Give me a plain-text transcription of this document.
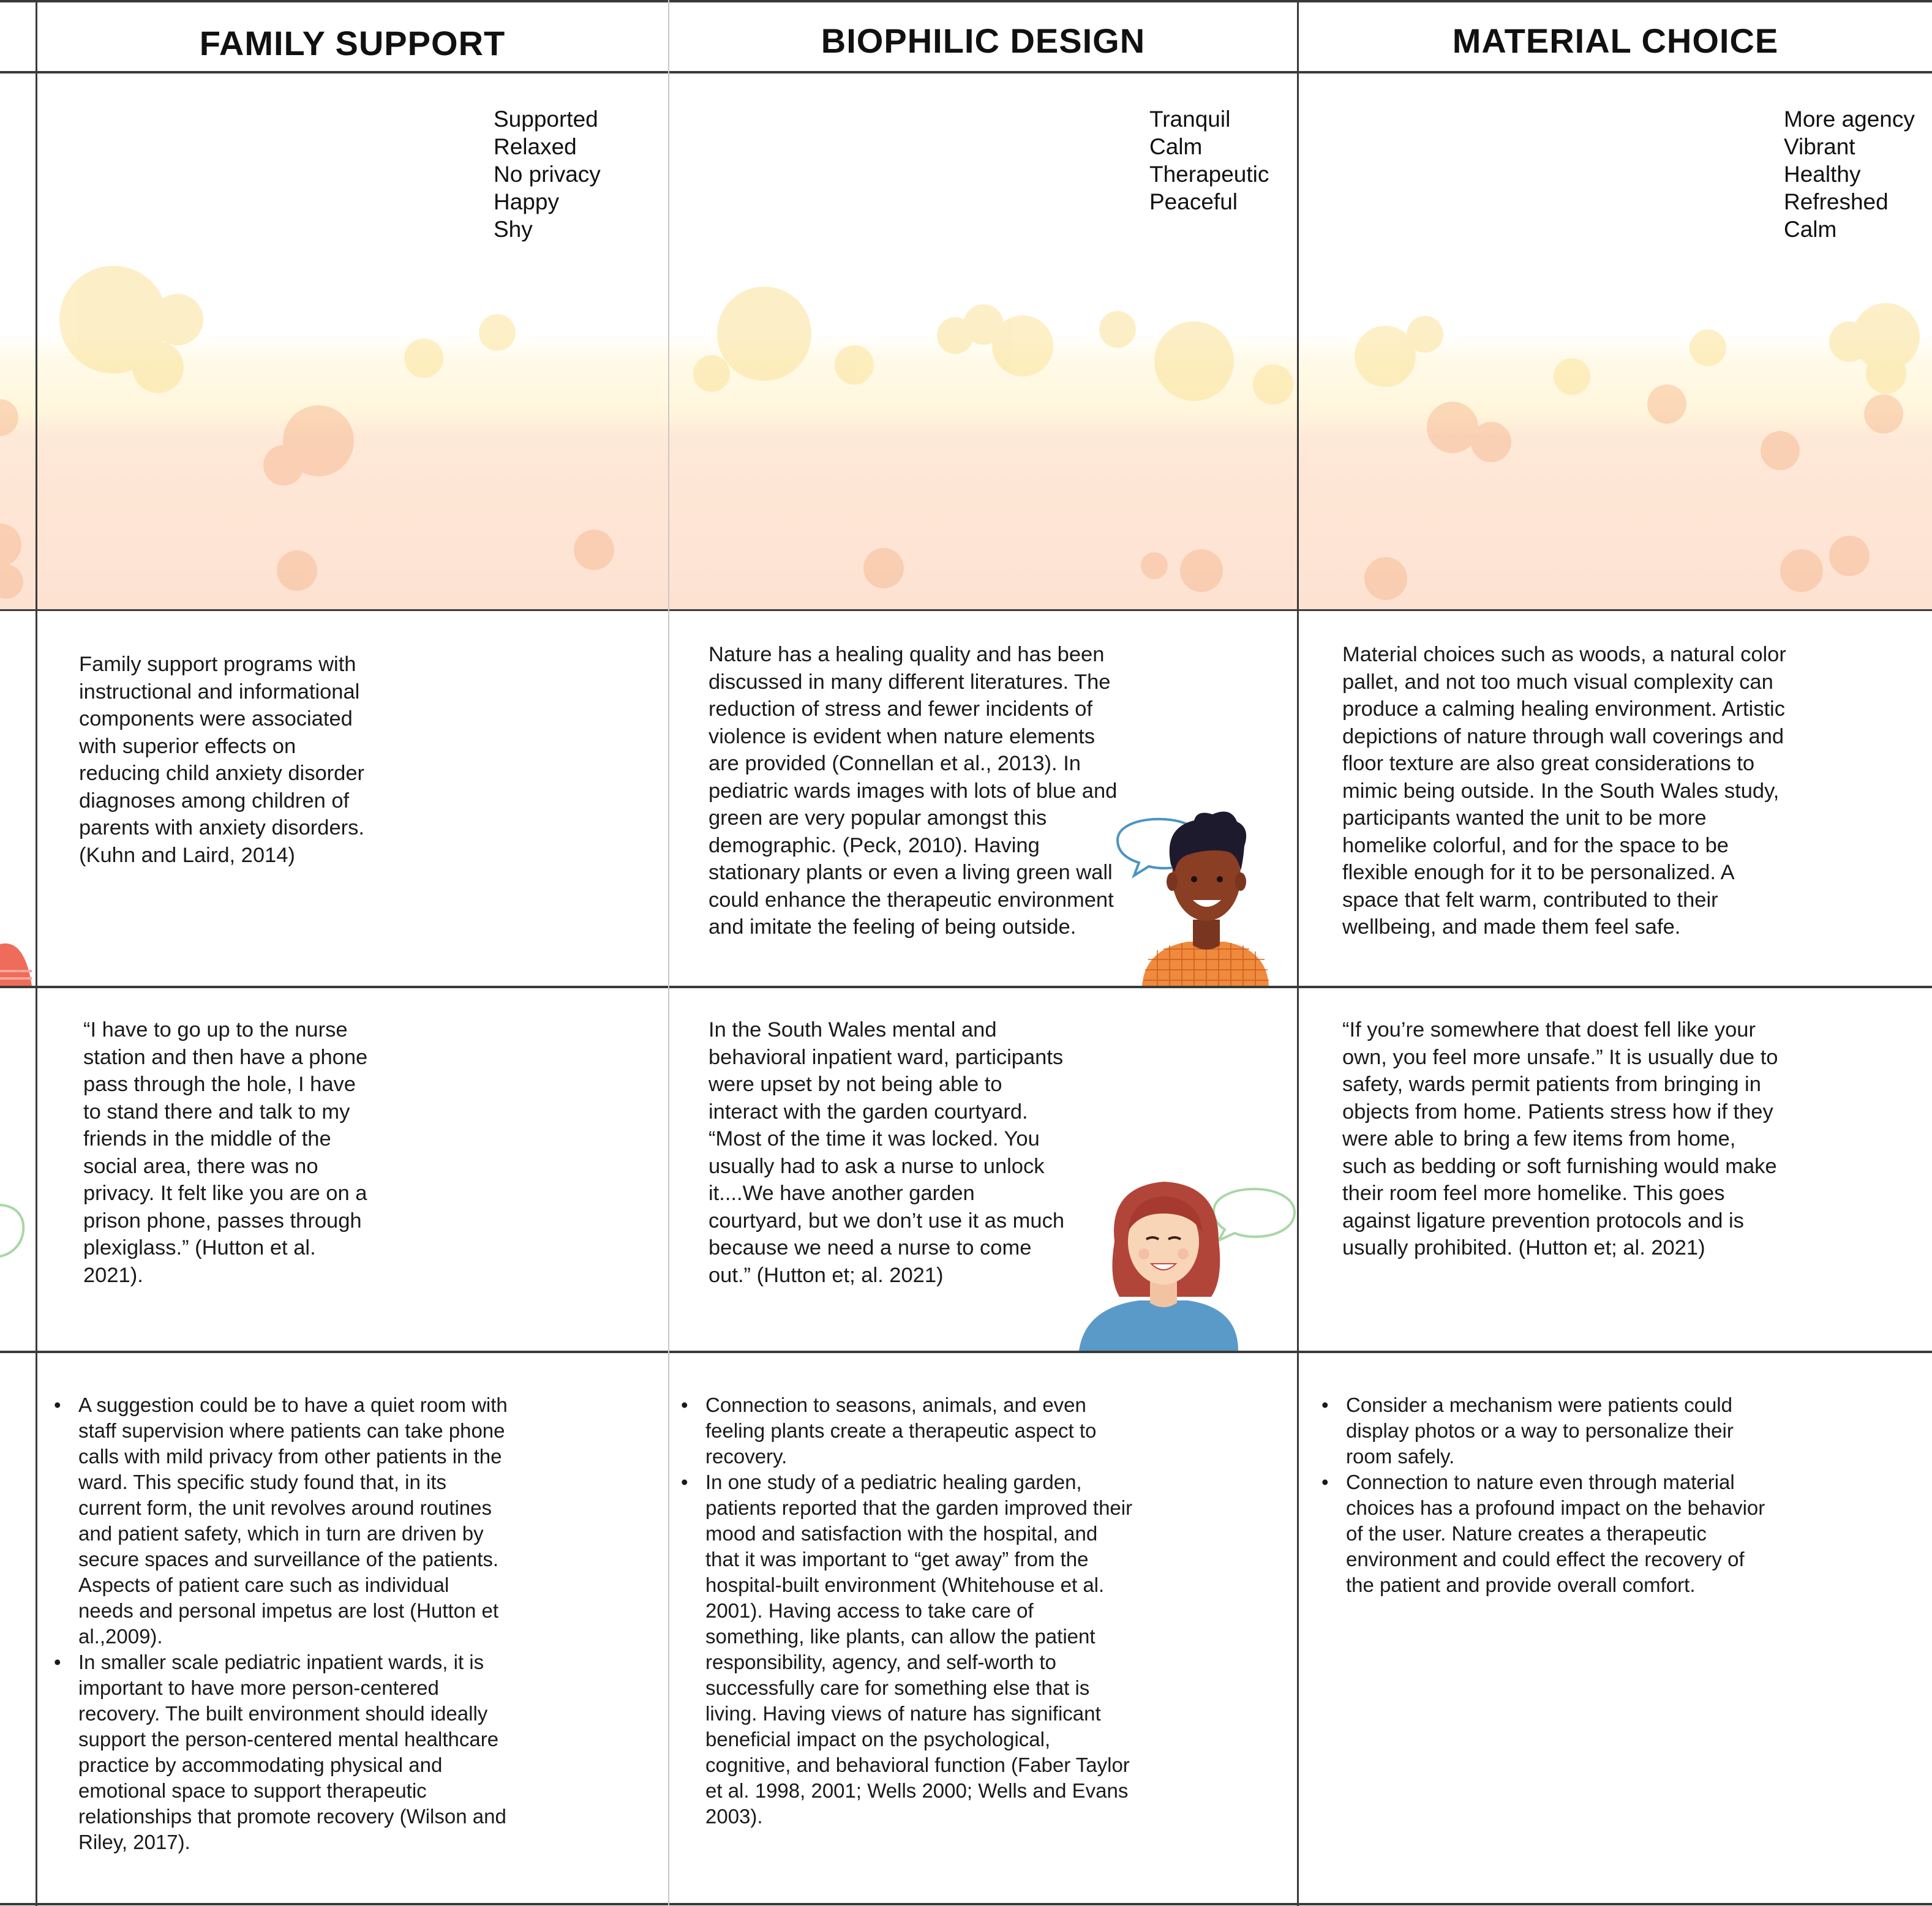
FAMILY SUPPORT	BIOPHILIC DESIGN	MATERIAL CHOICE
Supported
Relaxed
No privacy
Happy
Shy
Tranquil
Calm
Therapeutic
Peaceful
More agency
Vibrant
Healthy
Refreshed
Calm
Family support programs with
instructional and informational
components were associated
with superior effects on
reducing child anxiety disorder
diagnoses among children of
parents with anxiety disorders.
(Kuhn and Laird, 2014)
Nature has a healing quality and has been
discussed in many different literatures. The
reduction of stress and fewer incidents of
violence is evident when nature elements
are provided (Connellan et al., 2013). In
pediatric wards images with lots of blue and
green are very popular amongst this
demographic. (Peck, 2010). Having
stationary plants or even a living green wall
could enhance the therapeutic environment
and imitate the feeling of being outside.
Material choices such as woods, a natural color
pallet, and not too much visual complexity can
produce a calming healing environment. Artistic
depictions of nature through wall coverings and
floor texture are also great considerations to
mimic being outside. In the South Wales study,
participants wanted the unit to be more
homelike colorful, and for the space to be
flexible enough for it to be personalized. A
space that felt warm, contributed to their
wellbeing, and made them feel safe.
“I have to go up to the nurse
station and then have a phone
pass through the hole, I have
to stand there and talk to my
friends in the middle of the
social area, there was no
privacy. It felt like you are on a
prison phone, passes through
plexiglass.” (Hutton et al.
2021).
In the South Wales mental and
behavioral inpatient ward, participants
were upset by not being able to
interact with the garden courtyard.
“Most of the time it was locked. You
usually had to ask a nurse to unlock
it....We have another garden
courtyard, but we don’t use it as much
because we need a nurse to come
out.” (Hutton et; al. 2021)
“If you’re somewhere that doest fell like your
own, you feel more unsafe.” It is usually due to
safety, wards permit patients from bringing in
objects from home. Patients stress how if they
were able to bring a few items from home,
such as bedding or soft furnishing would make
their room feel more homelike. This goes
against ligature prevention protocols and is
usually prohibited. (Hutton et; al. 2021)
• A suggestion could be to have a quiet room with
staff supervision where patients can take phone
calls with mild privacy from other patients in the
ward. This specific study found that, in its
current form, the unit revolves around routines
and patient safety, which in turn are driven by
secure spaces and surveillance of the patients.
Aspects of patient care such as individual
needs and personal impetus are lost (Hutton et
al.,2009).
• In smaller scale pediatric inpatient wards, it is
important to have more person-centered
recovery. The built environment should ideally
support the person-centered mental healthcare
practice by accommodating physical and
emotional space to support therapeutic
relationships that promote recovery (Wilson and
Riley, 2017).
• Connection to seasons, animals, and even
feeling plants create a therapeutic aspect to
recovery.
• In one study of a pediatric healing garden,
patients reported that the garden improved their
mood and satisfaction with the hospital, and
that it was important to “get away” from the
hospital-built environment (Whitehouse et al.
2001). Having access to take care of
something, like plants, can allow the patient
responsibility, agency, and self-worth to
successfully care for something else that is
living. Having views of nature has significant
beneficial impact on the psychological,
cognitive, and behavioral function (Faber Taylor
et al. 1998, 2001; Wells 2000; Wells and Evans
2003).
• Consider a mechanism were patients could
display photos or a way to personalize their
room safely.
• Connection to nature even through material
choices has a profound impact on the behavior
of the user. Nature creates a therapeutic
environment and could effect the recovery of
the patient and provide overall comfort.
